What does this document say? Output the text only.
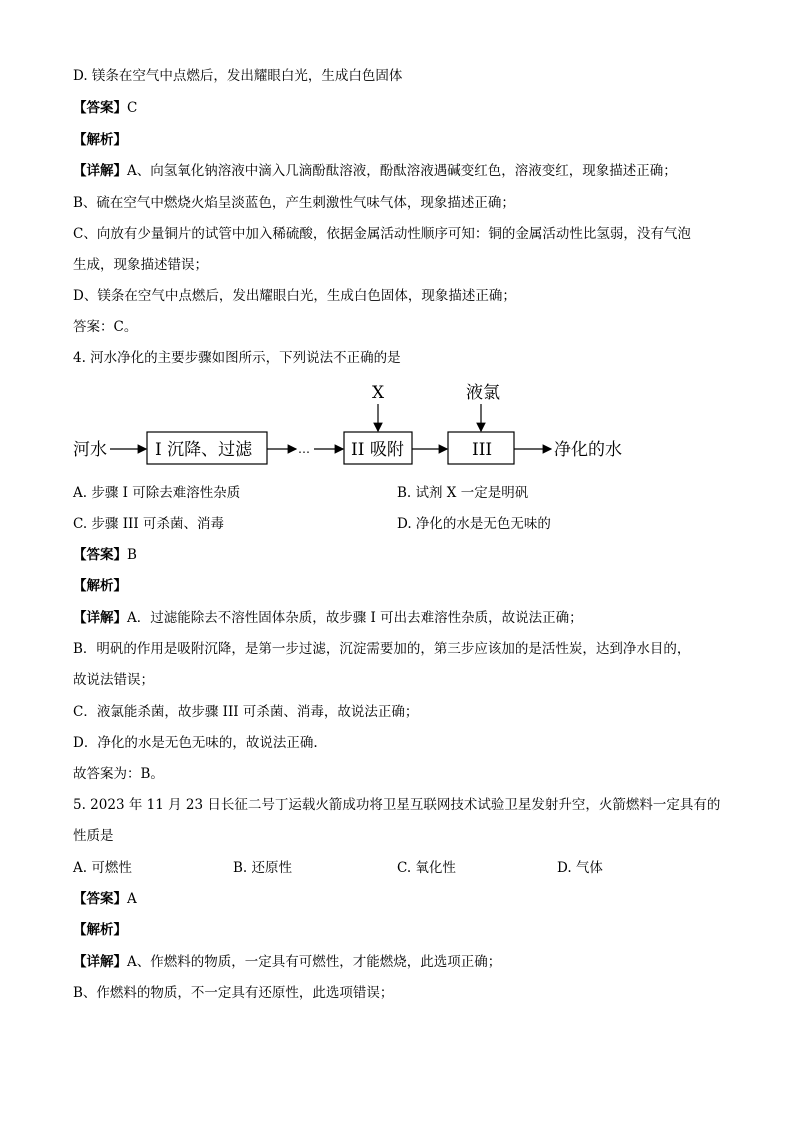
D. 镁条在空气中点燃后，发出耀眼白光，生成白色固体
【答案】C
【解析】
【详解】A、向氢氧化钠溶液中滴入几滴酚酞溶液，酚酞溶液遇碱变红色，溶液变红，现象描述正确；
B、硫在空气中燃烧火焰呈淡蓝色，产生刺激性气味气体，现象描述正确；
C、向放有少量铜片的试管中加入稀硫酸，依据金属活动性顺序可知：铜的金属活动性比氢弱，没有气泡
生成，现象描述错误；
D、镁条在空气中点燃后，发出耀眼白光，生成白色固体，现象描述正确；
答案：C。
4. 河水净化的主要步骤如图所示，下列说法不正确的是
河水	I 沉降、过滤	… II 吸附	III	净化的水
X	液氯
A. 步骤 I 可除去难溶性杂质	B. 试剂 X 一定是明矾
C. 步骤 III 可杀菌、消毒	D. 净化的水是无色无味的
【答案】B
【解析】
【详解】A．过滤能除去不溶性固体杂质，故步骤 I 可出去难溶性杂质，故说法正确；
B．明矾的作用是吸附沉降，是第一步过滤，沉淀需要加的，第三步应该加的是活性炭，达到净水目的，
故说法错误；
C．液氯能杀菌，故步骤 III 可杀菌、消毒，故说法正确；
D．净化的水是无色无味的，故说法正确.
故答案为：B。
5. 2023 年 11 月 23 日长征二号丁运载火箭成功将卫星互联网技术试验卫星发射升空，火箭燃料一定具有的
性质是
A. 可燃性	B. 还原性	C. 氧化性	D. 气体
【答案】A
【解析】
【详解】A、作燃料的物质，一定具有可燃性，才能燃烧，此选项正确；
B、作燃料的物质，不一定具有还原性，此选项错误；
